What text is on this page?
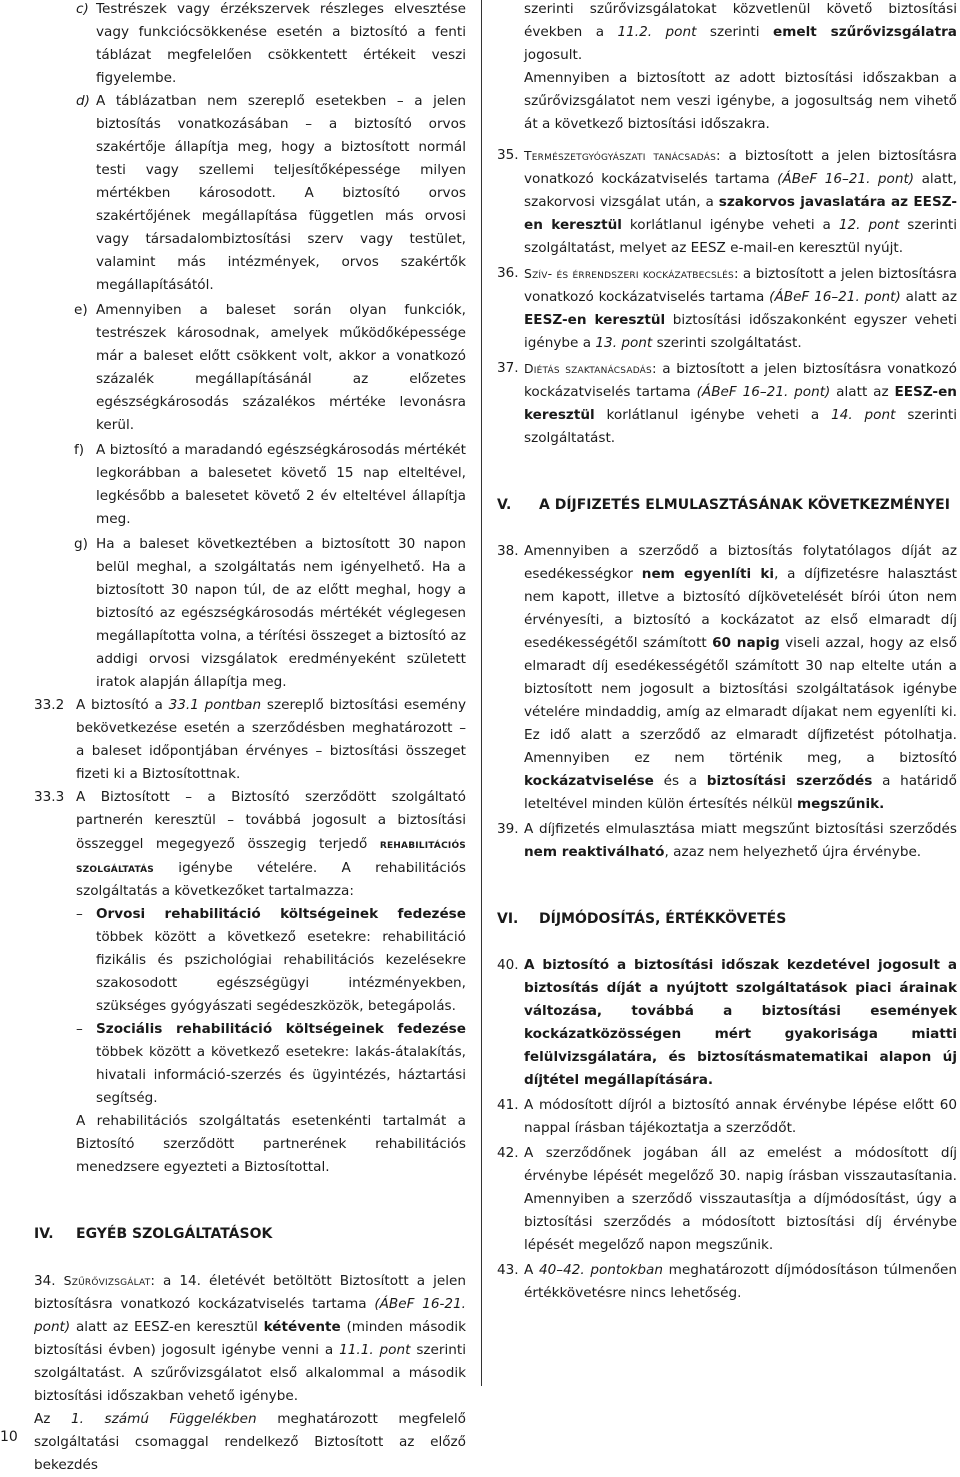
10

c) Testrészek vagy érzékszervek részleges elvesztése vagy funkciócsökkenése esetén a biztosító a fenti táblázat megfelelően csökkentett értékeit veszi figyelembe.

d) A táblázatban nem szereplő esetekben – a jelen biztosítás vonatkozásában – a biztosító orvos szakértője állapítja meg, hogy a biztosított normál testi vagy szellemi teljesítőképessége milyen mértékben károsodott. A biztosító orvos szakértőjének megállapítása független más orvosi vagy társadalombiztosítási szerv vagy testület, valamint más intézmények, orvos szakértők megállapításától.

e) Amennyiben a baleset során olyan funkciók, testrészek károsodnak, amelyek működőképessége már a baleset előtt csökkent volt, akkor a vonatkozó százalék megállapításánál az előzetes egészségkárosodás százalékos mértéke levonásra kerül.

f) A biztosító a maradandó egészségkárosodás mértékét legkorábban a balesetet követő 15 nap elteltével, legkésőbb a balesetet követő 2 év elteltével állapítja meg.

g) Ha a baleset következtében a biztosított 30 napon belül meghal, a szolgáltatás nem igényelhető. Ha a biztosított 30 napon túl, de az előtt meghal, hogy a biztosító az egészségkárosodás mértékét véglegesen megállapította volna, a térítési összeget a biztosító az addigi orvosi vizsgálatok eredményeként született iratok alapján állapítja meg.

33.2 A biztosító a 33.1 pontban szereplő biztosítási esemény bekövetkezése esetén a szerződésben meghatározott – a baleset időpontjában érvényes – biztosítási összeget fizeti ki a Biztosítottnak.

33.3 A Biztosított – a Biztosító szerződött szolgáltató partnerén keresztül – továbbá jogosult a biztosítási összeggel megegyező összegig terjedő rehabilitációs szolgáltatás igénybe vételére. A rehabilitációs szolgáltatás a következőket tartalmazza:

– Orvosi rehabilitáció költségeinek fedezése többek között a következő esetekre: rehabilitáció fizikális és pszichológiai rehabilitációs kezelésekre szakosodott egészségügyi intézményekben, szükséges gyógyászati segédeszközök, betegápolás.

– Szociális rehabilitáció költségeinek fedezése többek között a következő esetekre: lakás-átalakítás, hivatali információ-szerzés és ügyintézés, háztartási segítség.

A rehabilitációs szolgáltatás esetenkénti tartalmát a Biztosító szerződött partnerének rehabilitációs menedzsere egyezteti a Biztosítottal.

IV. EGYÉB SZOLGÁLTATÁSOK

34. Szűrővizsgálat: a 14. életévét betöltött Biztosított a jelen biztosításra vonatkozó kockázatviselés tartama (ÁBeF 16-21. pont) alatt az EESZ-en keresztül kétévente (minden második biztosítási évben) jogosult igénybe venni a 11.1. pont szerinti szolgáltatást. A szűrővizsgálatot első alkalommal a második biztosítási időszakban vehető igénybe.

Az 1. számú Függelékben meghatározott megfelelő szolgáltatási csomaggal rendelkező Biztosított az előző bekezdés

szerinti szűrővizsgálatokat közvetlenül követő biztosítási években a 11.2. pont szerinti emelt szűrővizsgálatra jogosult.

Amennyiben a biztosított az adott biztosítási időszakban a szűrővizsgálatot nem veszi igénybe, a jogosultság nem vihető át a következő biztosítási időszakra.

35. Természetgyógyászati tanácsadás: a biztosított a jelen biztosításra vonatkozó kockázatviselés tartama (ÁBeF 16–21. pont) alatt, szakorvosi vizsgálat után, a szakorvos javaslatára az EESZ-en keresztül korlátlanul igénybe veheti a 12. pont szerinti szolgáltatást, melyet az EESZ e-mail-en keresztül nyújt.

36. Szív- és érrendszeri kockázatbecslés: a biztosított a jelen biztosításra vonatkozó kockázatviselés tartama (ÁBeF 16–21. pont) alatt az EESZ-en keresztül biztosítási időszakonként egyszer veheti igénybe a 13. pont szerinti szolgáltatást.

37. Diétás szaktanácsadás: a biztosított a jelen biztosításra vonatkozó kockázatviselés tartama (ÁBeF 16–21. pont) alatt az EESZ-en keresztül korlátlanul igénybe veheti a 14. pont szerinti szolgáltatást.

V. A DÍJFIZETÉS ELMULASZTÁSÁNAK KÖVETKEZMÉNYEI

38. Amennyiben a szerződő a biztosítás folytatólagos díját az esedékességkor nem egyenlíti ki, a díjfizetésre halasztást nem kapott, illetve a biztosító díjkövetelését bírói úton nem érvényesíti, a biztosító a kockázatot az első elmaradt díj esedékességétől számított 60 napig viseli azzal, hogy az első elmaradt díj esedékességétől számított 30 nap elteltе után a biztosított nem jogosult a biztosítási szolgáltatások igénybe vételére mindaddig, amíg az elmaradt díjakat nem egyenlíti ki. Ez idő alatt a szerződő az elmaradt díjfizetést pótolhatja. Amennyiben ez nem történik meg, a biztosító kockázatviselése és a biztosítási szerződés a határidő leteltével minden külön értesítés nélkül megszűnik.

39. A díjfizetés elmulasztása miatt megszűnt biztosítási szerződés nem reaktiválható, azaz nem helyezhető újra érvénybe.

VI. DÍJMÓDOSÍTÁS, ÉRTÉKKÖVETÉS

40. A biztosító a biztosítási időszak kezdetével jogosult a biztosítás díját a nyújtott szolgáltatások piaci árainak változása, továbbá a biztosítási események kockázatközösségen mért gyakorisága miatti felülvizsgálatára, és biztosításmatematikai alapon új díjtétel megállapítására.

41. A módosított díjról a biztosító annak érvénybe lépése előtt 60 nappal írásban tájékoztatja a szerződőt.

42. A szerződőnek jogában áll az emelést a módosított díj érvénybe lépését megelőző 30. napig írásban visszautasítania. Amennyiben a szerződő visszautasítja a díjmódosítást, úgy a biztosítási szerződés a módosított biztosítási díj érvénybe lépését megelőző napon megszűnik.

43. A 40–42. pontokban meghatározott díjmódosításon túlmenően értékkövetésre nincs lehetőség.
